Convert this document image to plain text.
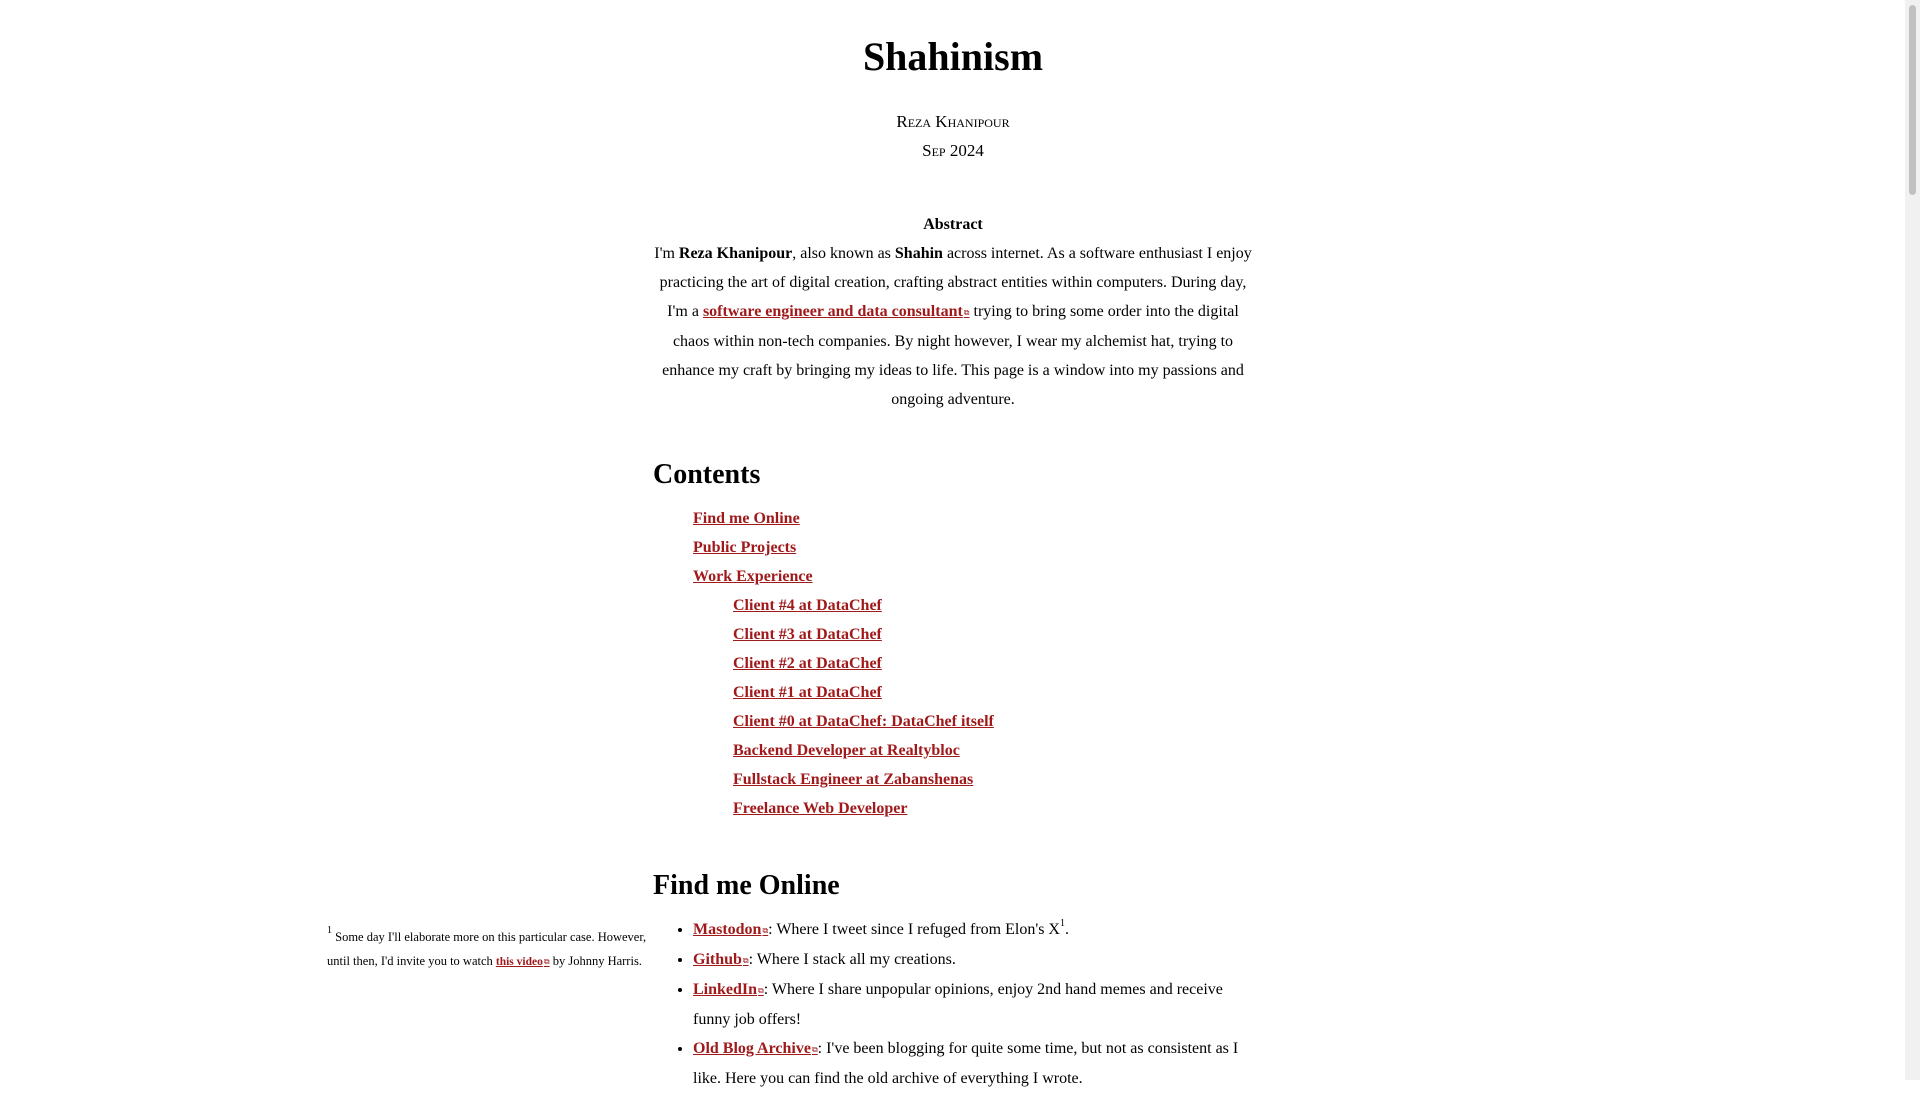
Shahinism
Reza Khanipour
Sep 2024
Abstract
I'm Reza Khanipour, also known as Shahin across internet. As a software enthusiast I enjoy practicing the art of digital creation, crafting abstract entities within computers. During day, I'm a software engineer and data consultant⧉ trying to bring some order into the digital chaos within non-tech companies. By night however, I wear my alchemist hat, trying to enhance my craft by bringing my ideas to life. This page is a window into my passions and ongoing adventure.
Contents
Find me Online
Public Projects
Work Experience
Client #4 at DataChef
Client #3 at DataChef
Client #2 at DataChef
Client #1 at DataChef
Client #0 at DataChef: DataChef itself
Backend Developer at Realtybloc
Fullstack Engineer at Zabanshenas
Freelance Web Developer
Find me Online
• Mastodon⧉: Where I tweet since I refuged from Elon's $X^1$.
• Github⧉: Where I stack all my creations.
• LinkedIn⧉: Where I share unpopular opinions, enjoy 2nd hand memes and receive funny job offers!
• Old Blog Archive⧉: I've been blogging for quite some time, but not as consistent as I like. Here you can find the old archive of everything I wrote.
$^1$ Some day I'll elaborate more on this particular case. However, until then, I'd invite you to watch this video⧉ by Johnny Harris.
